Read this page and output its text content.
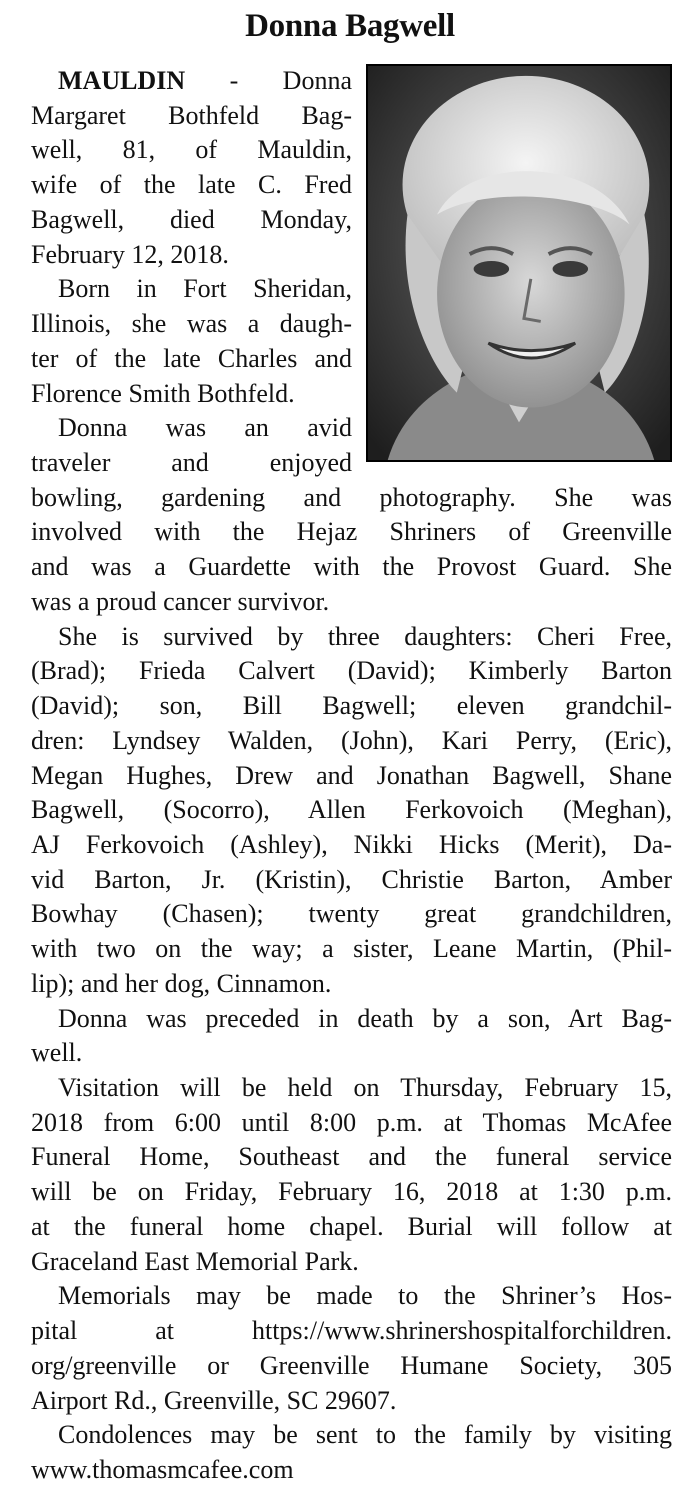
Donna Bagwell
MAULDIN - Donna
Margaret Bothfeld Bag-
well, 81, of Mauldin,
wife of the late C. Fred
Bagwell, died Monday,
February 12, 2018.
Born in Fort Sheridan,
Illinois, she was a daugh-
ter of the late Charles and
Florence Smith Bothfeld.
Donna was an avid
traveler and enjoyed
bowling, gardening and photography. She was
involved with the Hejaz Shriners of Greenville
and was a Guardette with the Provost Guard. She
was a proud cancer survivor.
She is survived by three daughters: Cheri Free,
(Brad); Frieda Calvert (David); Kimberly Barton
(David); son, Bill Bagwell; eleven grandchil-
dren: Lyndsey Walden, (John), Kari Perry, (Eric),
Megan Hughes, Drew and Jonathan Bagwell, Shane
Bagwell, (Socorro), Allen Ferkovoich (Meghan),
AJ Ferkovoich (Ashley), Nikki Hicks (Merit), Da-
vid Barton, Jr. (Kristin), Christie Barton, Amber
Bowhay (Chasen); twenty great grandchildren,
with two on the way; a sister, Leane Martin, (Phil-
lip); and her dog, Cinnamon.
Donna was preceded in death by a son, Art Bag-
well.
Visitation will be held on Thursday, February 15,
2018 from 6:00 until 8:00 p.m. at Thomas McAfee
Funeral Home, Southeast and the funeral service
will be on Friday, February 16, 2018 at 1:30 p.m.
at the funeral home chapel. Burial will follow at
Graceland East Memorial Park.
Memorials may be made to the Shriner’s Hos-
pital at https://www.shrinershospitalforchildren.
org/greenville or Greenville Humane Society, 305
Airport Rd., Greenville, SC 29607.
Condolences may be sent to the family by visiting
www.thomasmcafee.com
